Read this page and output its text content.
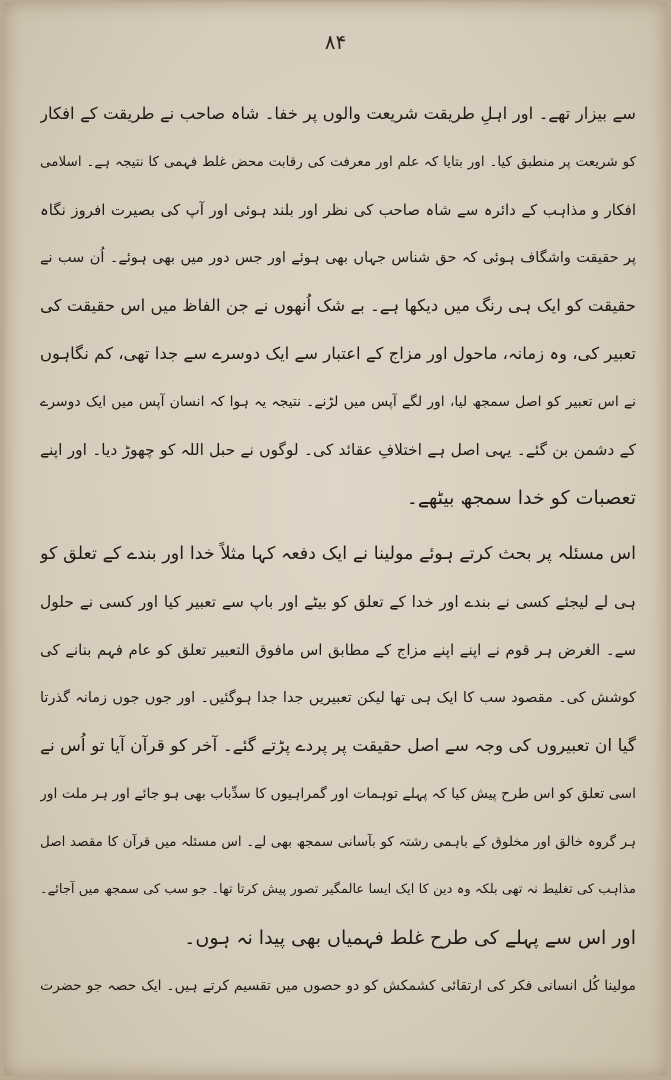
۸۴
سے بیزار تھے۔ اور اہلِ طریقت شریعت والوں پر خفا۔ شاہ صاحب نے طریقت کے افکار
کو شریعت پر منطبق کیا۔ اور بتایا کہ علم اور معرفت کی رقابت محض غلط فہمی کا نتیجہ ہے۔ اسلامی
افکار و مذاہب کے دائرہ سے شاہ صاحب کی نظر اور بلند ہوئی اور آپ کی بصیرت افروز نگاہ
پر حقیقت واشگاف ہوئی کہ حق شناس جہاں بھی ہوئے اور جس دور میں بھی ہوئے۔ اُن سب نے
حقیقت کو ایک ہی رنگ میں دیکھا ہے۔ بے شک اُنھوں نے جن الفاظ میں اس حقیقت کی
تعبیر کی، وہ زمانہ، ماحول اور مزاج کے اعتبار سے ایک دوسرے سے جدا تھی، کم نگاہوں
نے اس تعبیر کو اصل سمجھ لیا، اور لگے آپس میں لڑنے۔ نتیجہ یہ ہوا کہ انسان آپس میں ایک دوسرے
کے دشمن بن گئے۔ یہی اصل ہے اختلافِ عقائد کی۔ لوگوں نے حبل اللہ کو چھوڑ دیا۔ اور اپنے
تعصبات کو خدا سمجھ بیٹھے۔
اس مسئلہ پر بحث کرتے ہوئے مولینا نے ایک دفعہ کہا مثلاً خدا اور بندے کے تعلق کو
ہی لے لیجئے کسی نے بندے اور خدا کے تعلق کو بیٹے اور باپ سے تعبیر کیا اور کسی نے حلول
سے۔ الغرض ہر قوم نے اپنے اپنے مزاج کے مطابق اس مافوق التعبیر تعلق کو عام فہم بنانے کی
کوشش کی۔ مقصود سب کا ایک ہی تھا لیکن تعبیریں جدا جدا ہوگئیں۔ اور جوں جوں زمانہ گذرتا
گیا ان تعبیروں کی وجہ سے اصل حقیقت پر پردے پڑتے گئے۔ آخر کو قرآن آیا تو اُس نے
اسی تعلق کو اس طرح پیش کیا کہ پہلے توہمات اور گمراہیوں کا سدِّباب بھی ہو جائے اور ہر ملت اور
ہر گروہ خالق اور مخلوق کے باہمی رشتہ کو بآسانی سمجھ بھی لے۔ اس مسئلہ میں قرآن کا مقصد اصل
مذاہب کی تغلیط نہ تھی بلکہ وہ دین کا ایک ایسا عالمگیر تصور پیش کرتا تھا۔ جو سب کی سمجھ میں آجائے۔
اور اس سے پہلے کی طرح غلط فہمیاں بھی پیدا نہ ہوں۔
مولینا کُل انسانی فکر کی ارتقائی کشمکش کو دو حصوں میں تقسیم کرتے ہیں۔ ایک حصہ جو حضرت
